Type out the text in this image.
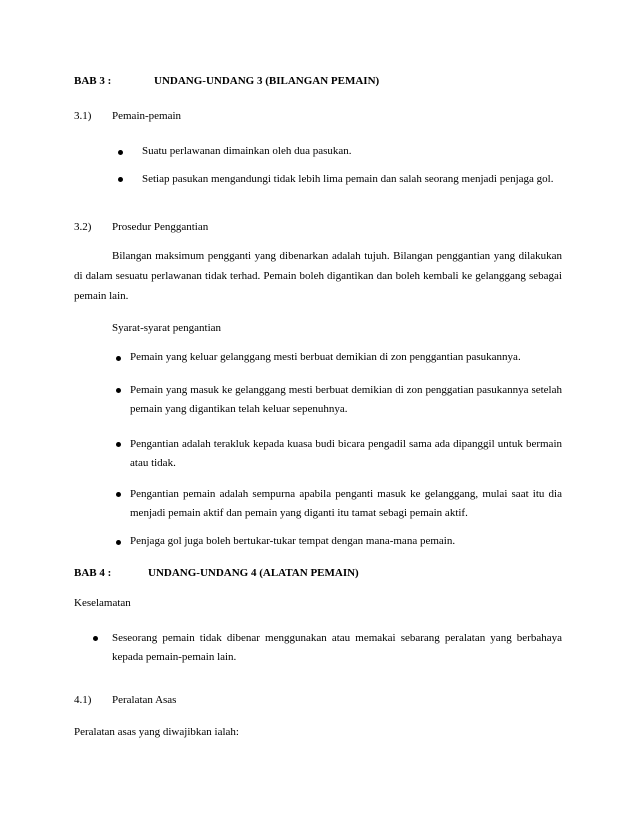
BAB 3 :	UNDANG-UNDANG 3 (BILANGAN PEMAIN)
3.1) Pemain-pemain
Suatu perlawanan dimainkan oleh dua pasukan.
Setiap pasukan mengandungi tidak lebih lima pemain dan salah seorang menjadi penjaga gol.
3.2) Prosedur Penggantian
Bilangan maksimum pengganti yang dibenarkan adalah tujuh. Bilangan penggantian yang dilakukan di dalam sesuatu perlawanan tidak terhad. Pemain boleh digantikan dan boleh kembali ke gelanggang sebagai pemain lain.
Syarat-syarat pengantian
Pemain yang keluar gelanggang mesti berbuat demikian di zon penggantian pasukannya.
Pemain yang masuk ke gelanggang mesti berbuat demikian di zon penggatian pasukannya setelah pemain yang digantikan telah keluar sepenuhnya.
Pengantian adalah terakluk kepada kuasa budi bicara pengadil sama ada dipanggil untuk bermain atau tidak.
Pengantian pemain adalah sempurna apabila penganti masuk ke gelanggang, mulai saat itu dia menjadi pemain aktif dan pemain yang diganti itu tamat sebagi pemain aktif.
Penjaga gol juga boleh bertukar-tukar tempat dengan mana-mana pemain.
BAB 4 :	UNDANG-UNDANG 4 (ALATAN PEMAIN)
Keselamatan
Seseorang pemain tidak dibenar menggunakan atau memakai sebarang peralatan yang berbahaya kepada pemain-pemain lain.
4.1) Peralatan Asas
Peralatan asas yang diwajibkan ialah:
